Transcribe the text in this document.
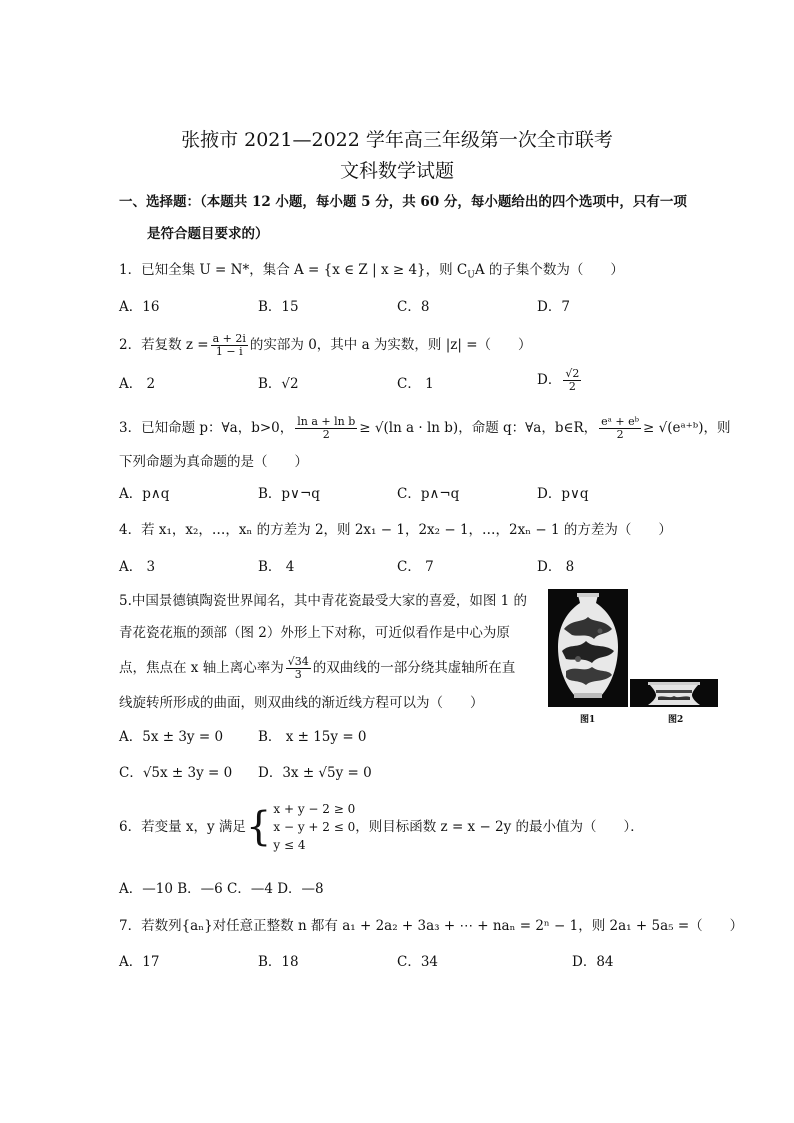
张掖市 2021—2022 学年高三年级第一次全市联考
文科数学试题
一、选择题：（本题共 12 小题，每小题 5 分，共 60 分，每小题给出的四个选项中，只有一项
是符合题目要求的）
1．已知全集 U = N*，集合 A = {x ∈ Z | x ≥ 4}，则 $C_UA$ 的子集个数为（　　）
A．16	B．15	C．8	D．7
2．若复数 $z = \frac{a + 2i}{1 - i}$ 的实部为 0，其中 a 为实数，则 |z| =（　　）
A． 2	B．√2	C． 1	D． $\frac{√2}{2}$
3．已知命题 p：∀a，b>0， $\frac{\text{ln a + ln b}}{2} \ge √(\ln$ a · ln b)，命题 q：∀a，b∈R， $\frac{\text{eᵃ + eᵇ}}{2}$ ≥ √(eᵃ⁺ᵇ)，则
下列命题为真命题的是（　　）
A．p∧q	B．p∨¬q	C．p∧¬q	D．p∨q
4．若 x₁，x₂，…，xₙ 的方差为 2，则 2x₁ − 1，2x₂ − 1，…，2xₙ − 1 的方差为（　　）
A． 3	B． 4	C． 7	D． 8
5.中国景德镇陶瓷世界闻名，其中青花瓷最受大家的喜爱，如图 1 的
青花瓷花瓶的颈部（图 2）外形上下对称，可近似看作是中心为原
点，焦点在 x 轴上离心率为 $\frac{√34}{3}$ 的双曲线的一部分绕其虚轴所在直
线旋转所形成的曲面，则双曲线的渐近线方程可以为（　　）
A．5x ± 3y = 0	B． x ± 15y = 0
C．√5x ± 3y = 0 D．3x ± √5y = 0
图1	图2
6．若变量 x，y 满足{ x + y − 2 ≥ 0
x − y + 2 ≤ 0
y ≤ 4
，则目标函数 z = x − 2y 的最小值为（　　）．
A．—10 B．—6 C．—4 D．—8
7．若数列{aₙ}对任意正整数 n 都有 a₁ + 2a₂ + 3a₃ + ⋯ + naₙ = 2ⁿ − 1，则 2a₁ + 5a₅ =（　　）
A．17	B．18	C．34	D．84
